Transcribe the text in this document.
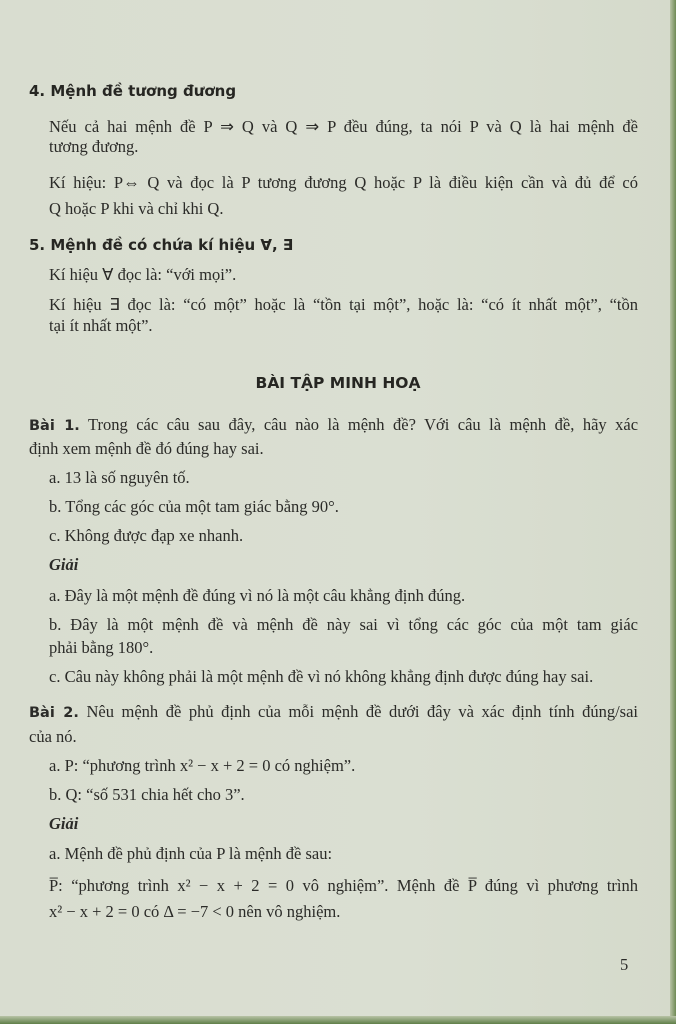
4. Mệnh đề tương đương
Nếu cả hai mệnh đề P ⇒ Q và Q ⇒ P đều đúng, ta nói P và Q là hai mệnh đề
tương đương.
Kí hiệu: P⇔ Q và đọc là P tương đương Q hoặc P là điều kiện cần và đủ để có
Q hoặc P khi và chỉ khi Q.
5. Mệnh đề có chứa kí hiệu ∀, ∃
Kí hiệu ∀ đọc là: “với mọi”.
Kí hiệu ∃ đọc là: “có một” hoặc là “tồn tại một”, hoặc là: “có ít nhất một”, “tồn
tại ít nhất một”.
BÀI TẬP MINH HOẠ
Bài 1. Trong các câu sau đây, câu nào là mệnh đề? Với câu là mệnh đề, hãy xác
định xem mệnh đề đó đúng hay sai.
a. 13 là số nguyên tố.
b. Tổng các góc của một tam giác bằng 90°.
c. Không được đạp xe nhanh.
Giải
a. Đây là một mệnh đề đúng vì nó là một câu khẳng định đúng.
b. Đây là một mệnh đề và mệnh đề này sai vì tổng các góc của một tam giác
phải bằng 180°.
c. Câu này không phải là một mệnh đề vì nó không khẳng định được đúng hay sai.
Bài 2. Nêu mệnh đề phủ định của mỗi mệnh đề dưới đây và xác định tính đúng/sai
của nó.
a. P: “phương trình x² − x + 2 = 0 có nghiệm”.
b. Q: “số 531 chia hết cho 3”.
Giải
a. Mệnh đề phủ định của P là mệnh đề sau:
P̅: “phương trình x² − x + 2 = 0 vô nghiệm”. Mệnh đề P̅ đúng vì phương trình
x² − x + 2 = 0 có Δ = −7 < 0 nên vô nghiệm.
5
